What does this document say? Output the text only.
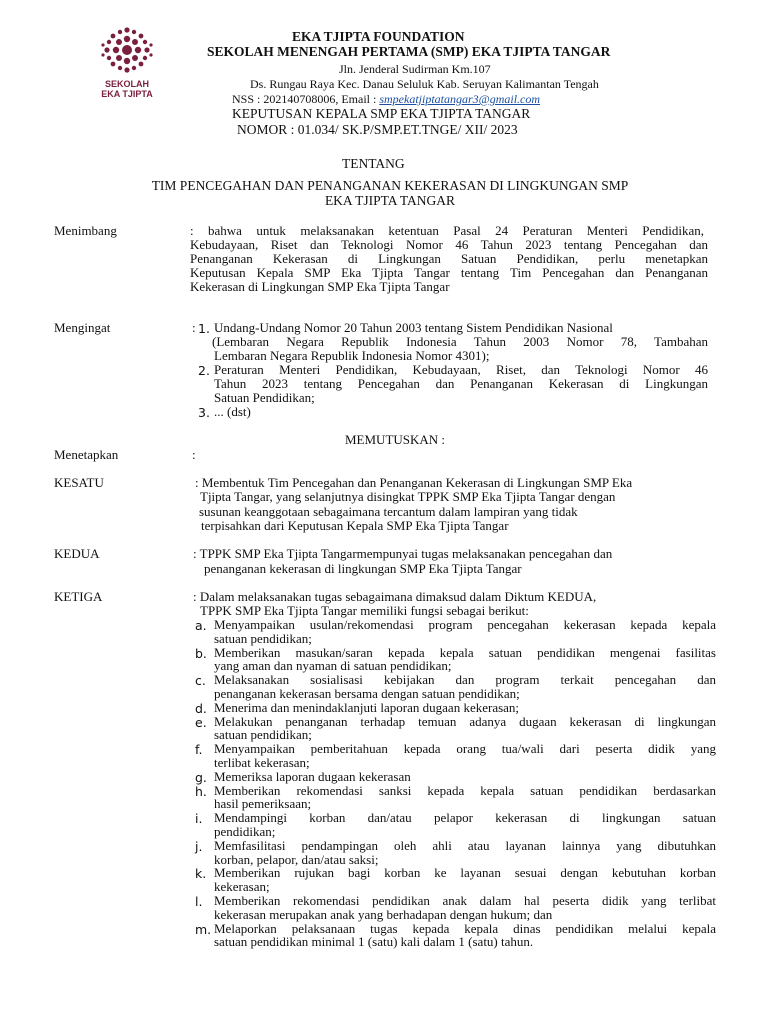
SEKOLAH
EKA TJIPTA
EKA TJIPTA FOUNDATION
SEKOLAH MENENGAH PERTAMA (SMP) EKA TJIPTA TANGAR
Jln. Jenderal Sudirman Km.107
Ds. Rungau Raya Kec. Danau Seluluk Kab. Seruyan Kalimantan Tengah
NSS : 202140708006, Email : smpekatjiptatangar3@gmail.com
KEPUTUSAN KEPALA SMP EKA TJIPTA TANGAR
NOMOR : 01.034/ SK.P/SMP.ET.TNGE/ XII/ 2023
TENTANG
TIM PENCEGAHAN DAN PENANGANAN KEKERASAN DI LINGKUNGAN SMP
EKA TJIPTA TANGAR
Menimbang	: bahwa untuk melaksanakan ketentuan Pasal 24 Peraturan Menteri Pendidikan,
Kebudayaan, Riset dan Teknologi Nomor 46 Tahun 2023 tentang Pencegahan dan
Penanganan Kekerasan di Lingkungan Satuan Pendidikan, perlu menetapkan
Keputusan Kepala SMP Eka Tjipta Tangar tentang Tim Pencegahan dan Penanganan
Kekerasan di Lingkungan SMP Eka Tjipta Tangar
Mengingat	: 1. Undang-Undang Nomor 20 Tahun 2003 tentang Sistem Pendidikan Nasional
(Lembaran Negara Republik Indonesia Tahun 2003 Nomor 78, Tambahan
Lembaran Negara Republik Indonesia Nomor 4301);
2. Peraturan Menteri Pendidikan, Kebudayaan, Riset, dan Teknologi Nomor 46
Tahun 2023 tentang Pencegahan dan Penanganan Kekerasan di Lingkungan
Satuan Pendidikan;
3. ... (dst)
MEMUTUSKAN :
Menetapkan	:
KESATU	: Membentuk Tim Pencegahan dan Penanganan Kekerasan di Lingkungan SMP Eka
Tjipta Tangar, yang selanjutnya disingkat TPPK SMP Eka Tjipta Tangar dengan
susunan keanggotaan sebagaimana tercantum dalam lampiran yang tidak
terpisahkan dari Keputusan Kepala SMP Eka Tjipta Tangar
KEDUA	: TPPK SMP Eka Tjipta Tangarmempunyai tugas melaksanakan pencegahan dan
penanganan kekerasan di lingkungan SMP Eka Tjipta Tangar
KETIGA	: Dalam melaksanakan tugas sebagaimana dimaksud dalam Diktum KEDUA,
TPPK SMP Eka Tjipta Tangar memiliki fungsi sebagai berikut:
a. Menyampaikan usulan/rekomendasi program pencegahan kekerasan kepada kepala
satuan pendidikan;
b. Memberikan masukan/saran kepada kepala satuan pendidikan mengenai fasilitas
yang aman dan nyaman di satuan pendidikan;
c. Melaksanakan sosialisasi kebijakan dan program terkait pencegahan dan
penanganan kekerasan bersama dengan satuan pendidikan;
d. Menerima dan menindaklanjuti laporan dugaan kekerasan;
e. Melakukan penanganan terhadap temuan adanya dugaan kekerasan di lingkungan
satuan pendidikan;
f. Menyampaikan pemberitahuan kepada orang tua/wali dari peserta didik yang
terlibat kekerasan;
g. Memeriksa laporan dugaan kekerasan
h. Memberikan rekomendasi sanksi kepada kepala satuan pendidikan berdasarkan
hasil pemeriksaan;
i. Mendampingi korban dan/atau pelapor kekerasan di lingkungan satuan
pendidikan;
j. Memfasilitasi pendampingan oleh ahli atau layanan lainnya yang dibutuhkan
korban, pelapor, dan/atau saksi;
k. Memberikan rujukan bagi korban ke layanan sesuai dengan kebutuhan korban
kekerasan;
l. Memberikan rekomendasi pendidikan anak dalam hal peserta didik yang terlibat
kekerasan merupakan anak yang berhadapan dengan hukum; dan
m. Melaporkan pelaksanaan tugas kepada kepala dinas pendidikan melalui kepala
satuan pendidikan minimal 1 (satu) kali dalam 1 (satu) tahun.
